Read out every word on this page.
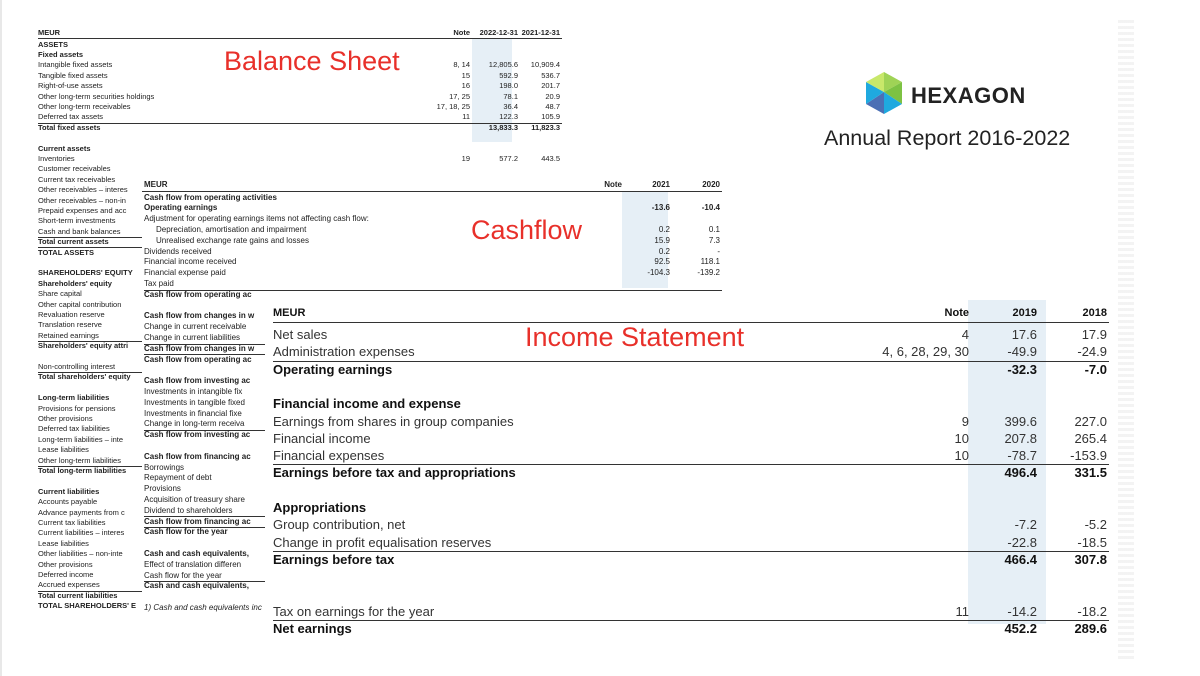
MEUR	Note 2022-12-31 2021-12-31
ASSETS
Fixed assets
Intangible fixed assets	8, 14	12,805.6 10,909.4
Tangible fixed assets	15	592.9	536.7
Right-of-use assets	16	198.0	201.7
Other long-term securities holdings	17, 25	78.1	20.9
Other long-term receivables	17, 18, 25	36.4	48.7
Deferred tax assets	11	122.3	105.9
Total fixed assets	13,833.3 11,823.3
Current assets
Inventories	19	577.2	443.5
Customer receivables
Current tax receivables
Other receivables – interes
Other receivables – non-in
Prepaid expenses and acc
Short-term investments
Cash and bank balances
Total current assets
TOTAL ASSETS
SHAREHOLDERS' EQUITY
Shareholders' equity
Share capital
Other capital contribution
Revaluation reserve
Translation reserve
Retained earnings
Shareholders' equity attri
Non-controlling interest
Total shareholders' equity
Long-term liabilities
Provisions for pensions
Other provisions
Deferred tax liabilities
Long-term liabilities – inte
Lease liabilities
Other long-term liabilities
Total long-term liabilities
Current liabilities
Accounts payable
Advance payments from c
Current tax liabilities
Current liabilities – interes
Lease liabilities
Other liabilities – non-inte
Other provisions
Deferred income
Accrued expenses
Total current liabilities
TOTAL SHAREHOLDERS' E
Balance Sheet
MEUR	Note	2021	2020
Cash flow from operating activities
Operating earnings	-13.6	-10.4
Adjustment for operating earnings items not affecting cash flow:
Depreciation, amortisation and impairment	0.2	0.1
Unrealised exchange rate gains and losses	15.9	7.3
Dividends received	0.2	-
Financial income received	92.5	118.1
Financial expense paid	-104.3	-139.2
Tax paid
Cash flow from operating ac
Cash flow from changes in w
Change in current receivable
Change in current liabilities
Cash flow from changes in w
Cash flow from operating ac
Cash flow from investing ac
Investments in intangible fix
Investments in tangible fixed
Investments in financial fixe
Change in long-term receiva
Cash flow from investing ac
Cash flow from financing ac
Borrowings
Repayment of debt
Provisions
Acquisition of treasury share
Dividend to shareholders
Cash flow from financing ac
Cash flow for the year
Cash and cash equivalents,
Effect of translation differen
Cash flow for the year
Cash and cash equivalents,
1) Cash and cash equivalents inc
Cashflow
MEUR	Note	2019	2018
Net sales	4	17.6	17.9
Administration expenses	4, 6, 28, 29, 30	-49.9	-24.9
Operating earnings	-32.3	-7.0
Financial income and expense
Earnings from shares in group companies	9	399.6	227.0
Financial income	10	207.8	265.4
Financial expenses	10	-78.7	-153.9
Earnings before tax and appropriations	496.4	331.5
Appropriations
Group contribution, net	-7.2	-5.2
Change in profit equalisation reserves	-22.8	-18.5
Earnings before tax	466.4	307.8
Tax on earnings for the year	11	-14.2	-18.2
Net earnings	452.2	289.6
Income Statement
HEXAGON
Annual Report 2016-2022
